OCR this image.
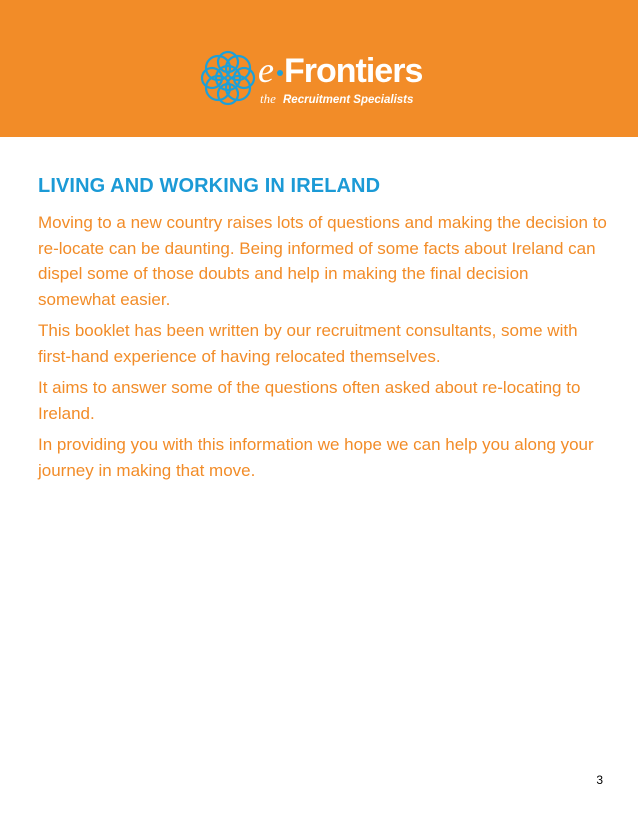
e Frontiers
the Recruitment Specialists
LIVING AND WORKING IN IRELAND

Moving to a new country raises lots of questions and making the decision to re-locate can be daunting. Being informed of some facts about Ireland can dispel some of those doubts and help in making the final decision somewhat easier.

This booklet has been written by our recruitment consultants, some with first-hand experience of having relocated themselves.

It aims to answer some of the questions often asked about re-locating to Ireland.

In providing you with this information we hope we can help you along your journey in making that move.

3
